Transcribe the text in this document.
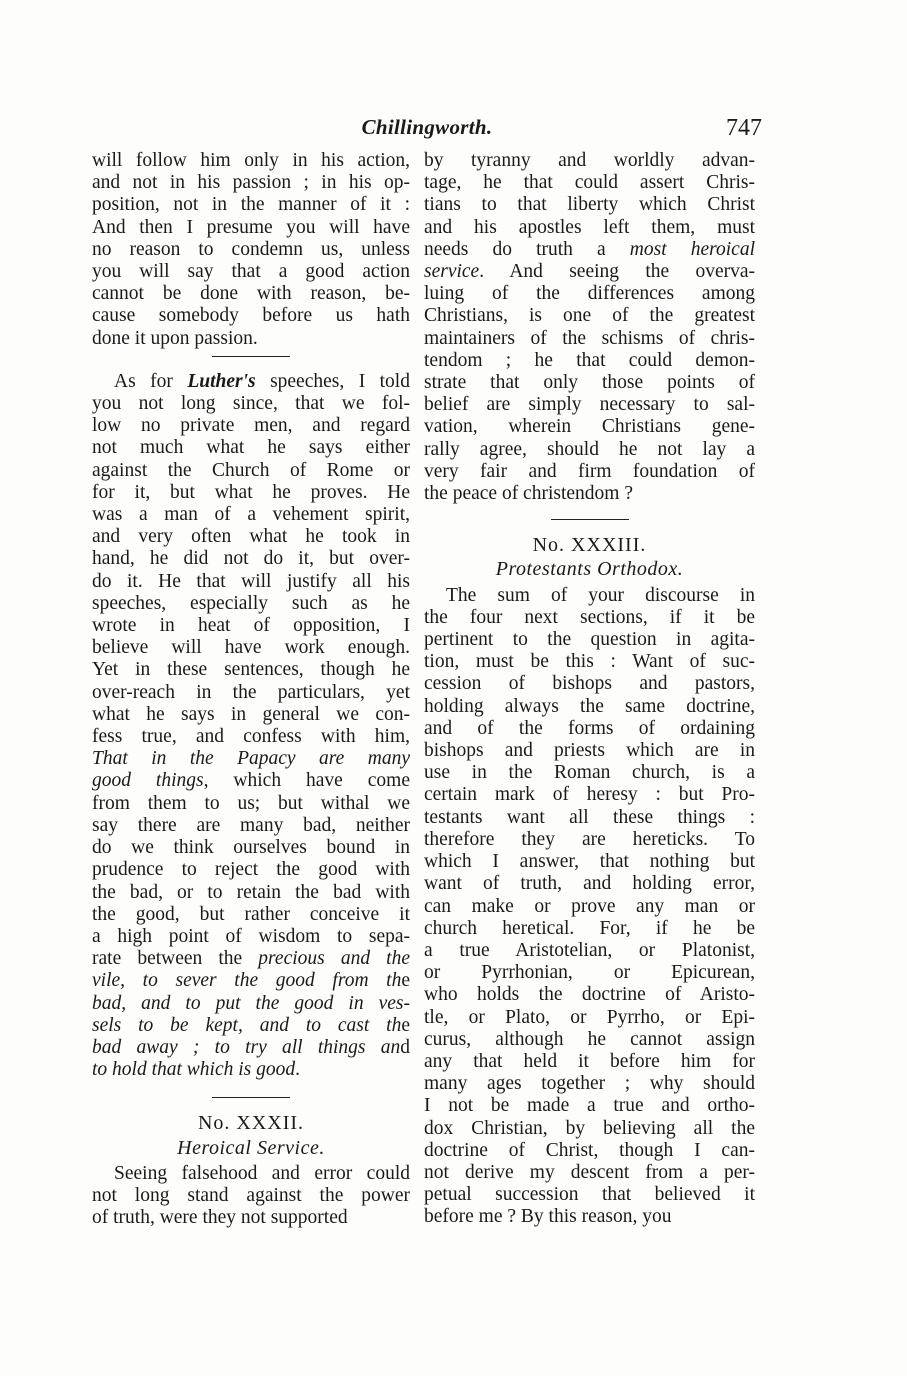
Chillingworth.	747
will follow him only in his action,
and not in his passion ; in his op-
position, not in the manner of it :
And then I presume you will have
no reason to condemn us, unless
you will say that a good action
cannot be done with reason, be-
cause somebody before us hath
done it upon passion.
As for Luther's speeches, I told
you not long since, that we fol-
low no private men, and regard
not much what he says either
against the Church of Rome or
for it, but what he proves. He
was a man of a vehement spirit,
and very often what he took in
hand, he did not do it, but over-
do it. He that will justify all his
speeches, especially such as he
wrote in heat of opposition, I
believe will have work enough.
Yet in these sentences, though he
over-reach in the particulars, yet
what he says in general we con-
fess true, and confess with him,
That in the Papacy are many
good things, which have come
from them to us; but withal we
say there are many bad, neither
do we think ourselves bound in
prudence to reject the good with
the bad, or to retain the bad with
the good, but rather conceive it
a high point of wisdom to sepa-
rate between the precious and the
vile, to sever the good from the
bad, and to put the good in ves-
sels to be kept, and to cast the
bad away ; to try all things and
to hold that which is good.

No. XXXII.

Heroical Service.

Seeing falsehood and error could
not long stand against the power
of truth, were they not supported
by tyranny and worldly advan-
tage, he that could assert Chris-
tians to that liberty which Christ
and his apostles left them, must
needs do truth a most heroical
service. And seeing the overva-
luing of the differences among
Christians, is one of the greatest
maintainers of the schisms of chris-
tendom ; he that could demon-
strate that only those points of
belief are simply necessary to sal-
vation, wherein Christians gene-
rally agree, should he not lay a
very fair and firm foundation of
the peace of christendom ?

No. XXXIII.

Protestants Orthodox.

The sum of your discourse in
the four next sections, if it be
pertinent to the question in agita-
tion, must be this : Want of suc-
cession of bishops and pastors,
holding always the same doctrine,
and of the forms of ordaining
bishops and priests which are in
use in the Roman church, is a
certain mark of heresy : but Pro-
testants want all these things :
therefore they are hereticks. To
which I answer, that nothing but
want of truth, and holding error,
can make or prove any man or
church heretical. For, if he be
a true Aristotelian, or Platonist,
or Pyrrhonian, or Epicurean,
who holds the doctrine of Aristo-
tle, or Plato, or Pyrrho, or Epi-
curus, although he cannot assign
any that held it before him for
many ages together ; why should
I not be made a true and ortho-
dox Christian, by believing all the
doctrine of Christ, though I can-
not derive my descent from a per-
petual succession that believed it
before me ? By this reason, you
